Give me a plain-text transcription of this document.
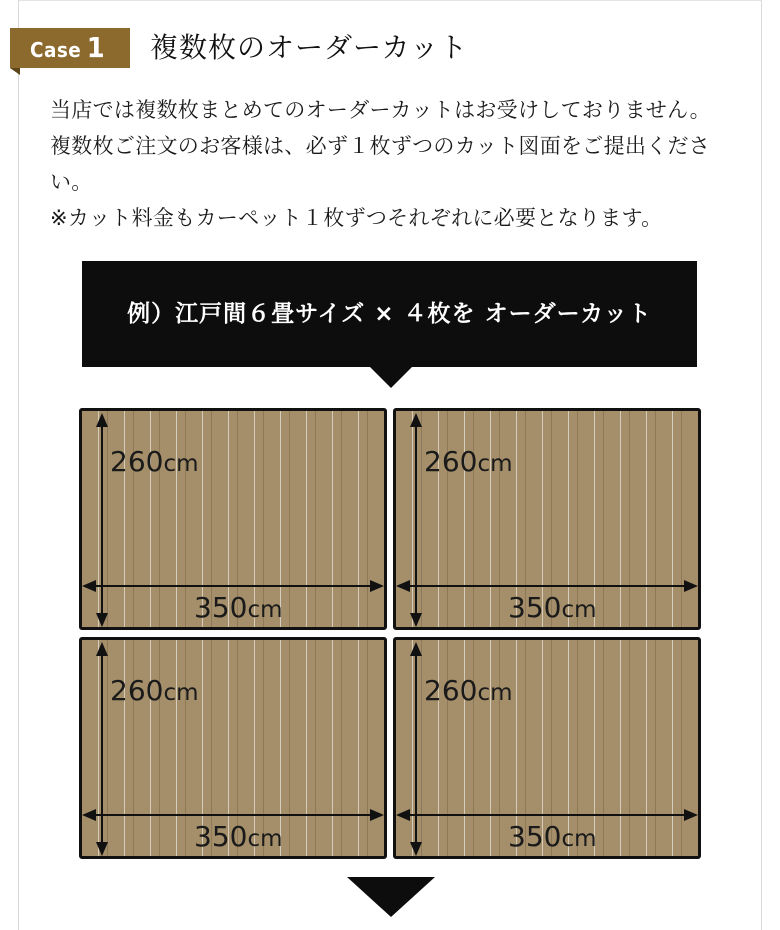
Case 1 複数枚のオーダーカット

当店では複数枚まとめてのオーダーカットはお受けしておりません。

複数枚ご注文のお客様は、必ず１枚ずつのカット図面をご提出くださ い。

※カット料金もカーペット１枚ずつそれぞれに必要となります。

例）江戸間６畳サイズ × ４枚を オーダーカット
260cm
350cm
260cm
350cm
260cm
350cm
260cm
350cm
